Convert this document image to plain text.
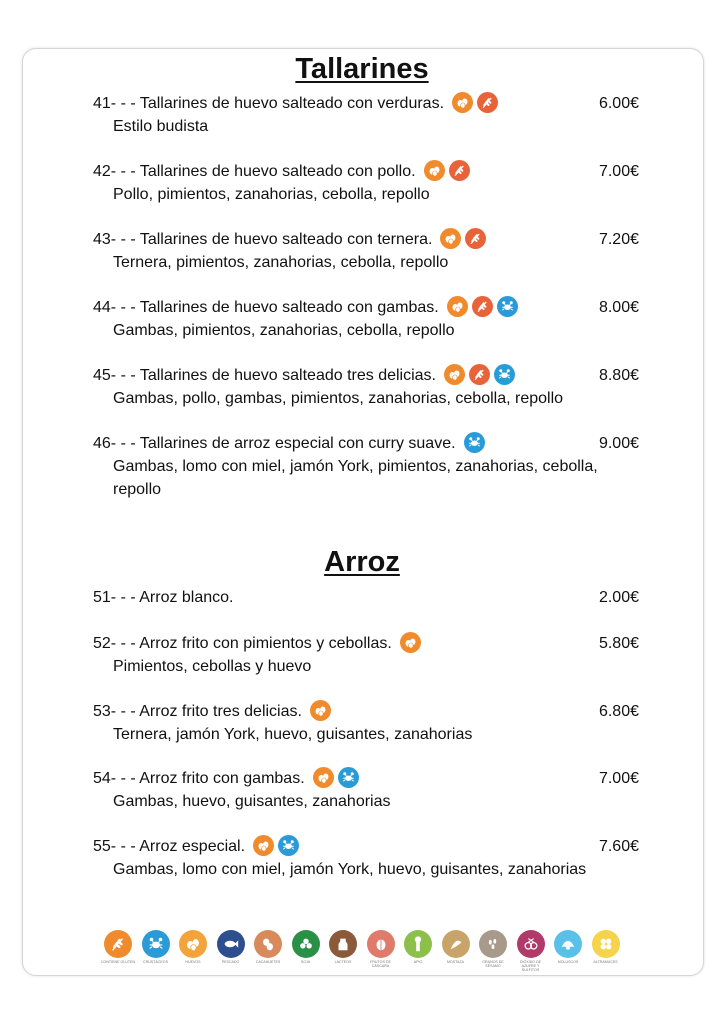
Tallarines
41- - - Tallarines de huevo salteado con verduras.	6.00€
Estilo budista
42- - - Tallarines de huevo salteado con pollo.	7.00€
Pollo, pimientos, zanahorias, cebolla, repollo
43- - - Tallarines de huevo salteado con ternera.	7.20€
Ternera, pimientos, zanahorias, cebolla, repollo
44- - - Tallarines de huevo salteado con gambas.	8.00€
Gambas, pimientos, zanahorias, cebolla, repollo
45- - - Tallarines de huevo salteado tres delicias.	8.80€
Gambas, pollo, gambas, pimientos, zanahorias, cebolla, repollo
46- - - Tallarines de arroz especial con curry suave.	9.00€
Gambas, lomo con miel, jamón York, pimientos, zanahorias, cebolla, repollo
Arroz
51- - - Arroz blanco.	2.00€
52- - - Arroz frito con pimientos y cebollas.	5.80€
Pimientos, cebollas y huevo
53- - - Arroz frito tres delicias.	6.80€
Ternera, jamón York, huevo, guisantes, zanahorias
54- - - Arroz frito con gambas.	7.00€
Gambas, huevo, guisantes, zanahorias
55- - - Arroz especial.	7.60€
Gambas, lomo con miel, jamón York, huevo, guisantes, zanahorias
CONTIENE GLUTEN	CRUSTÁCEOS	HUEVOS	PESCADO	CACAHUETES	SOJA	LÁCTEOS	FRUTOS DE CÁSCARA
APIO	MOSTAZA	GRANOS DE SÉSAMO
DIÓXIDO DE AZUFRE Y SULFITOS
MOLUSCOS	ALTRAMUCES
